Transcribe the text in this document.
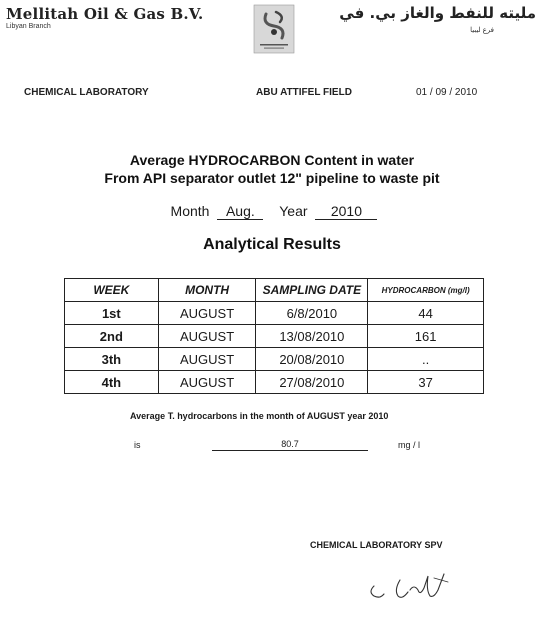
Mellitah Oil & Gas B.V.
Libyan Branch
مليته للنفط والغاز بي. في
فرع ليبيا
CHEMICAL LABORATORY	ABU ATTIFEL FIELD	01 / 09 / 2010
Average HYDROCARBON Content in water
From API separator outlet 12" pipeline to waste pit
Month Aug. Year 2010
Analytical Results
WEEK	MONTH	SAMPLING DATE	HYDROCARBON (mg/l)
1st	AUGUST	6/8/2010	44
2nd	AUGUST	13/08/2010	161
3th	AUGUST	20/08/2010	..
4th	AUGUST	27/08/2010	37
Average T. hydrocarbons in the month of AUGUST year 2010
is	80.7	mg / l
CHEMICAL LABORATORY SPV
